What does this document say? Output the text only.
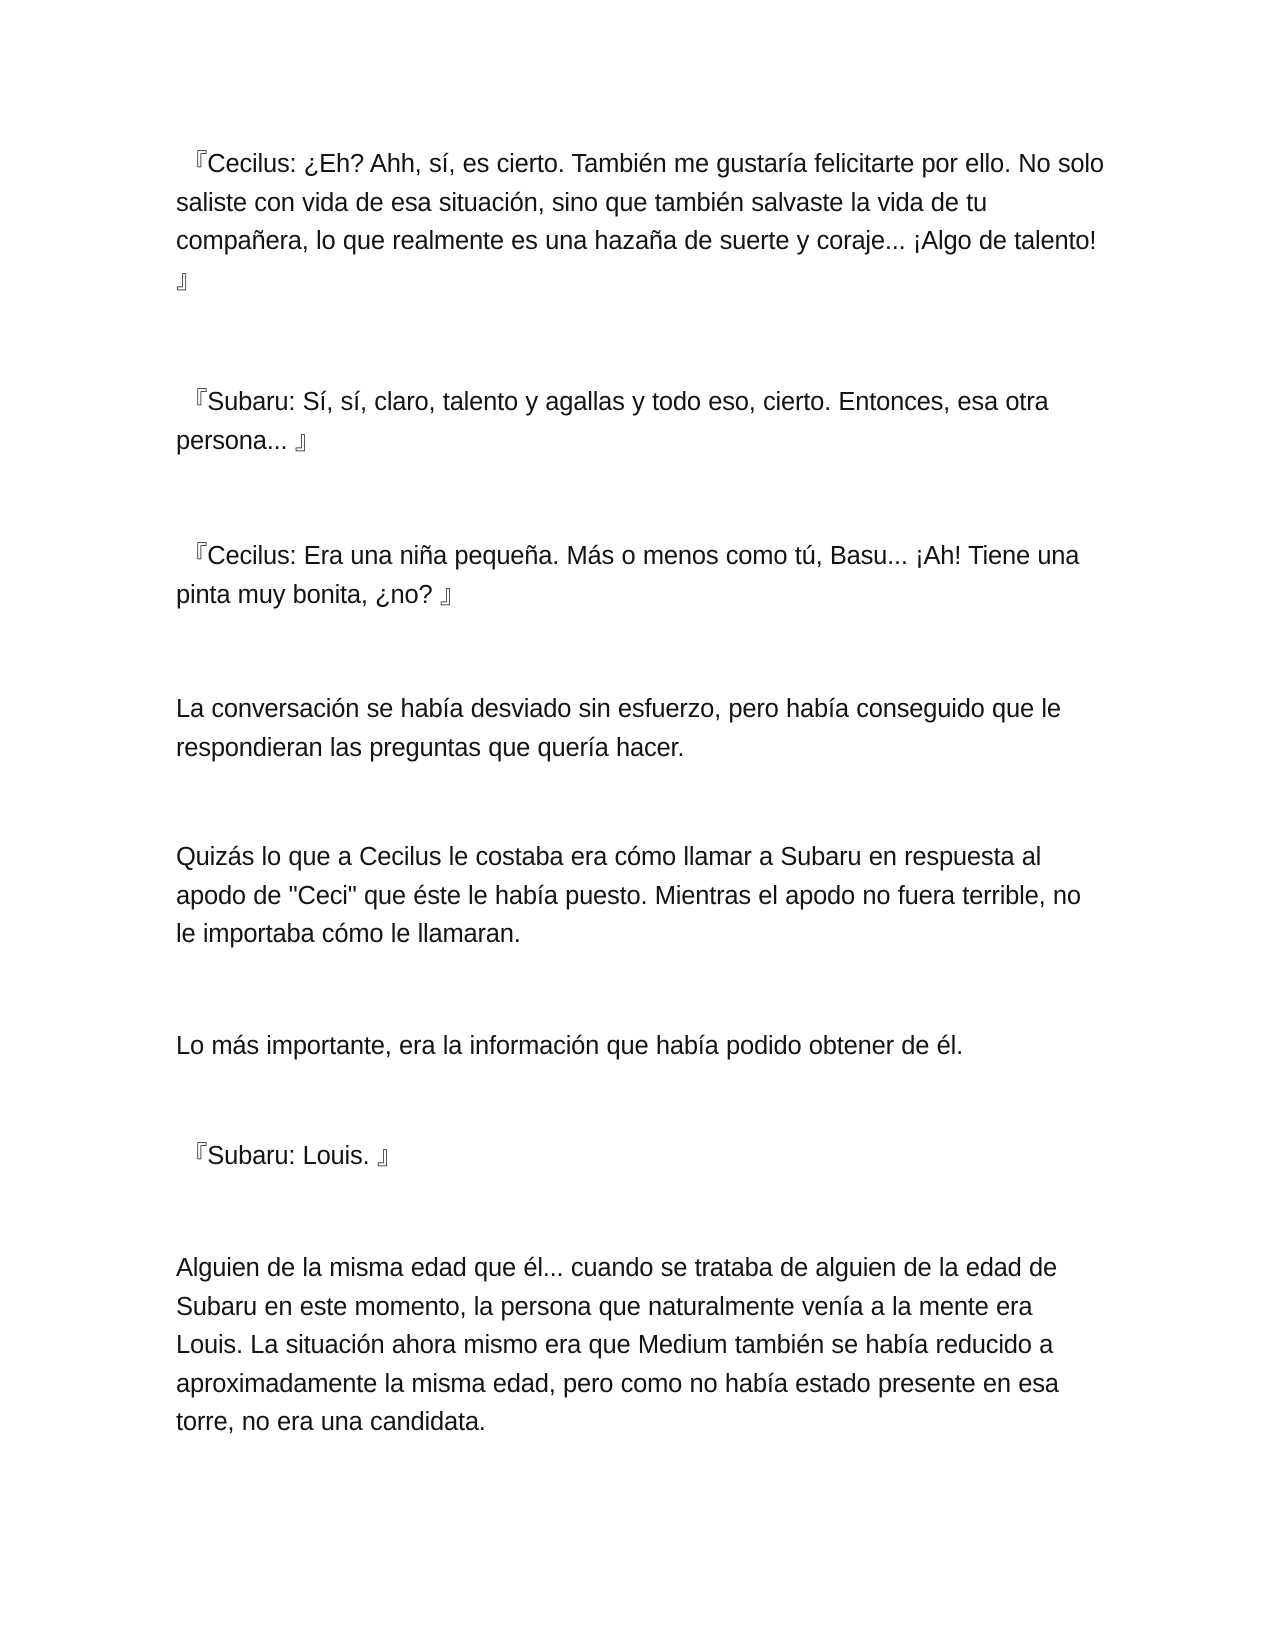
『Cecilus: ¿Eh? Ahh, sí, es cierto. También me gustaría felicitarte por ello. No solo saliste con vida de esa situación, sino que también salvaste la vida de tu compañera, lo que realmente es una hazaña de suerte y coraje... ¡Algo de talento! 』

『Subaru: Sí, sí, claro, talento y agallas y todo eso, cierto. Entonces, esa otra persona... 』

『Cecilus: Era una niña pequeña. Más o menos como tú, Basu... ¡Ah! Tiene una pinta muy bonita, ¿no? 』

La conversación se había desviado sin esfuerzo, pero había conseguido que le respondieran las preguntas que quería hacer.

Quizás lo que a Cecilus le costaba era cómo llamar a Subaru en respuesta al apodo de "Ceci" que éste le había puesto. Mientras el apodo no fuera terrible, no le importaba cómo le llamaran.

Lo más importante, era la información que había podido obtener de él.

『Subaru: Louis. 』

Alguien de la misma edad que él... cuando se trataba de alguien de la edad de Subaru en este momento, la persona que naturalmente venía a la mente era Louis. La situación ahora mismo era que Medium también se había reducido a aproximadamente la misma edad, pero como no había estado presente en esa torre, no era una candidata.
